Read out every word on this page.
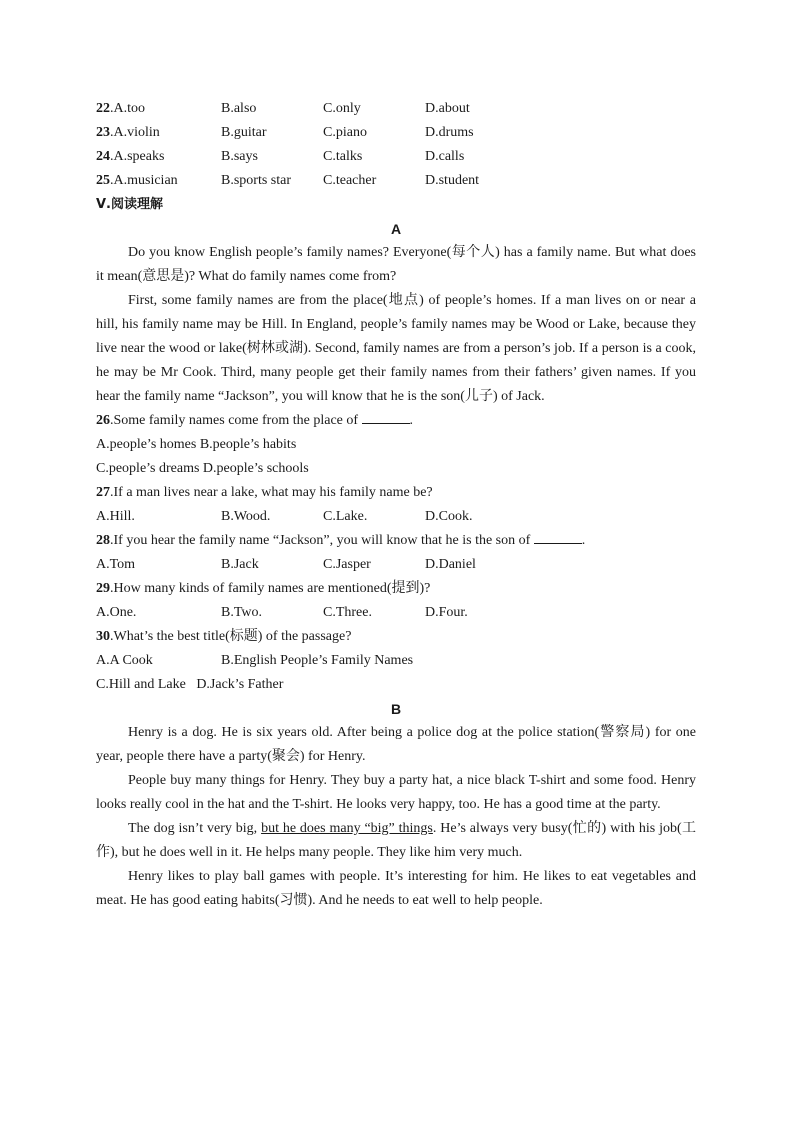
22.A.too	B.also	C.only	D.about
23.A.violin	B.guitar	C.piano	D.drums
24.A.speaks	B.says	C.talks	D.calls
25.A.musician	B.sports star	C.teacher	D.student
Ⅴ.阅读理解
A

Do you know English people’s family names? Everyone(每个人) has a family name. But what does it mean(意思是)? What do family names come from?

First, some family names are from the place(地点) of people’s homes. If a man lives on or near a hill, his family name may be Hill. In England, people’s family names may be Wood or Lake, because they live near the wood or lake(树林或湖). Second, family names are from a person’s job. If a person is a cook, he may be Mr Cook. Third, many people get their family names from their fathers’ given names. If you hear the family name “Jackson”, you will know that he is the son(儿子) of Jack.

26.Some family names come from the place of	.
A.people’s homes B.people’s habits
C.people’s dreams D.people’s schools
27.If a man lives near a lake, what may his family name be?
A.Hill.	B.Wood.	C.Lake.	D.Cook.
28.If you hear the family name “Jackson”, you will know that he is the son of	.
A.Tom	B.Jack	C.Jasper	D.Daniel
29.How many kinds of family names are mentioned(提到)?
A.One.	B.Two.	C.Three.	D.Four.
30.What’s the best title(标题) of the passage?
A.A Cook	B.English People’s Family Names
C.Hill and Lake D.Jack’s Father
B

Henry is a dog. He is six years old. After being a police dog at the police station(警察局) for one year, people there have a party(聚会) for Henry.

People buy many things for Henry. They buy a party hat, a nice black T-shirt and some food. Henry looks really cool in the hat and the T-shirt. He looks very happy, too. He has a good time at the party.

The dog isn’t very big, but he does many “big” things. He’s always very busy(忙的) with his job(工作), but he does well in it. He helps many people. They like him very much.

Henry likes to play ball games with people. It’s interesting for him. He likes to eat vegetables and meat. He has good eating habits(习惯). And he needs to eat well to help people.
